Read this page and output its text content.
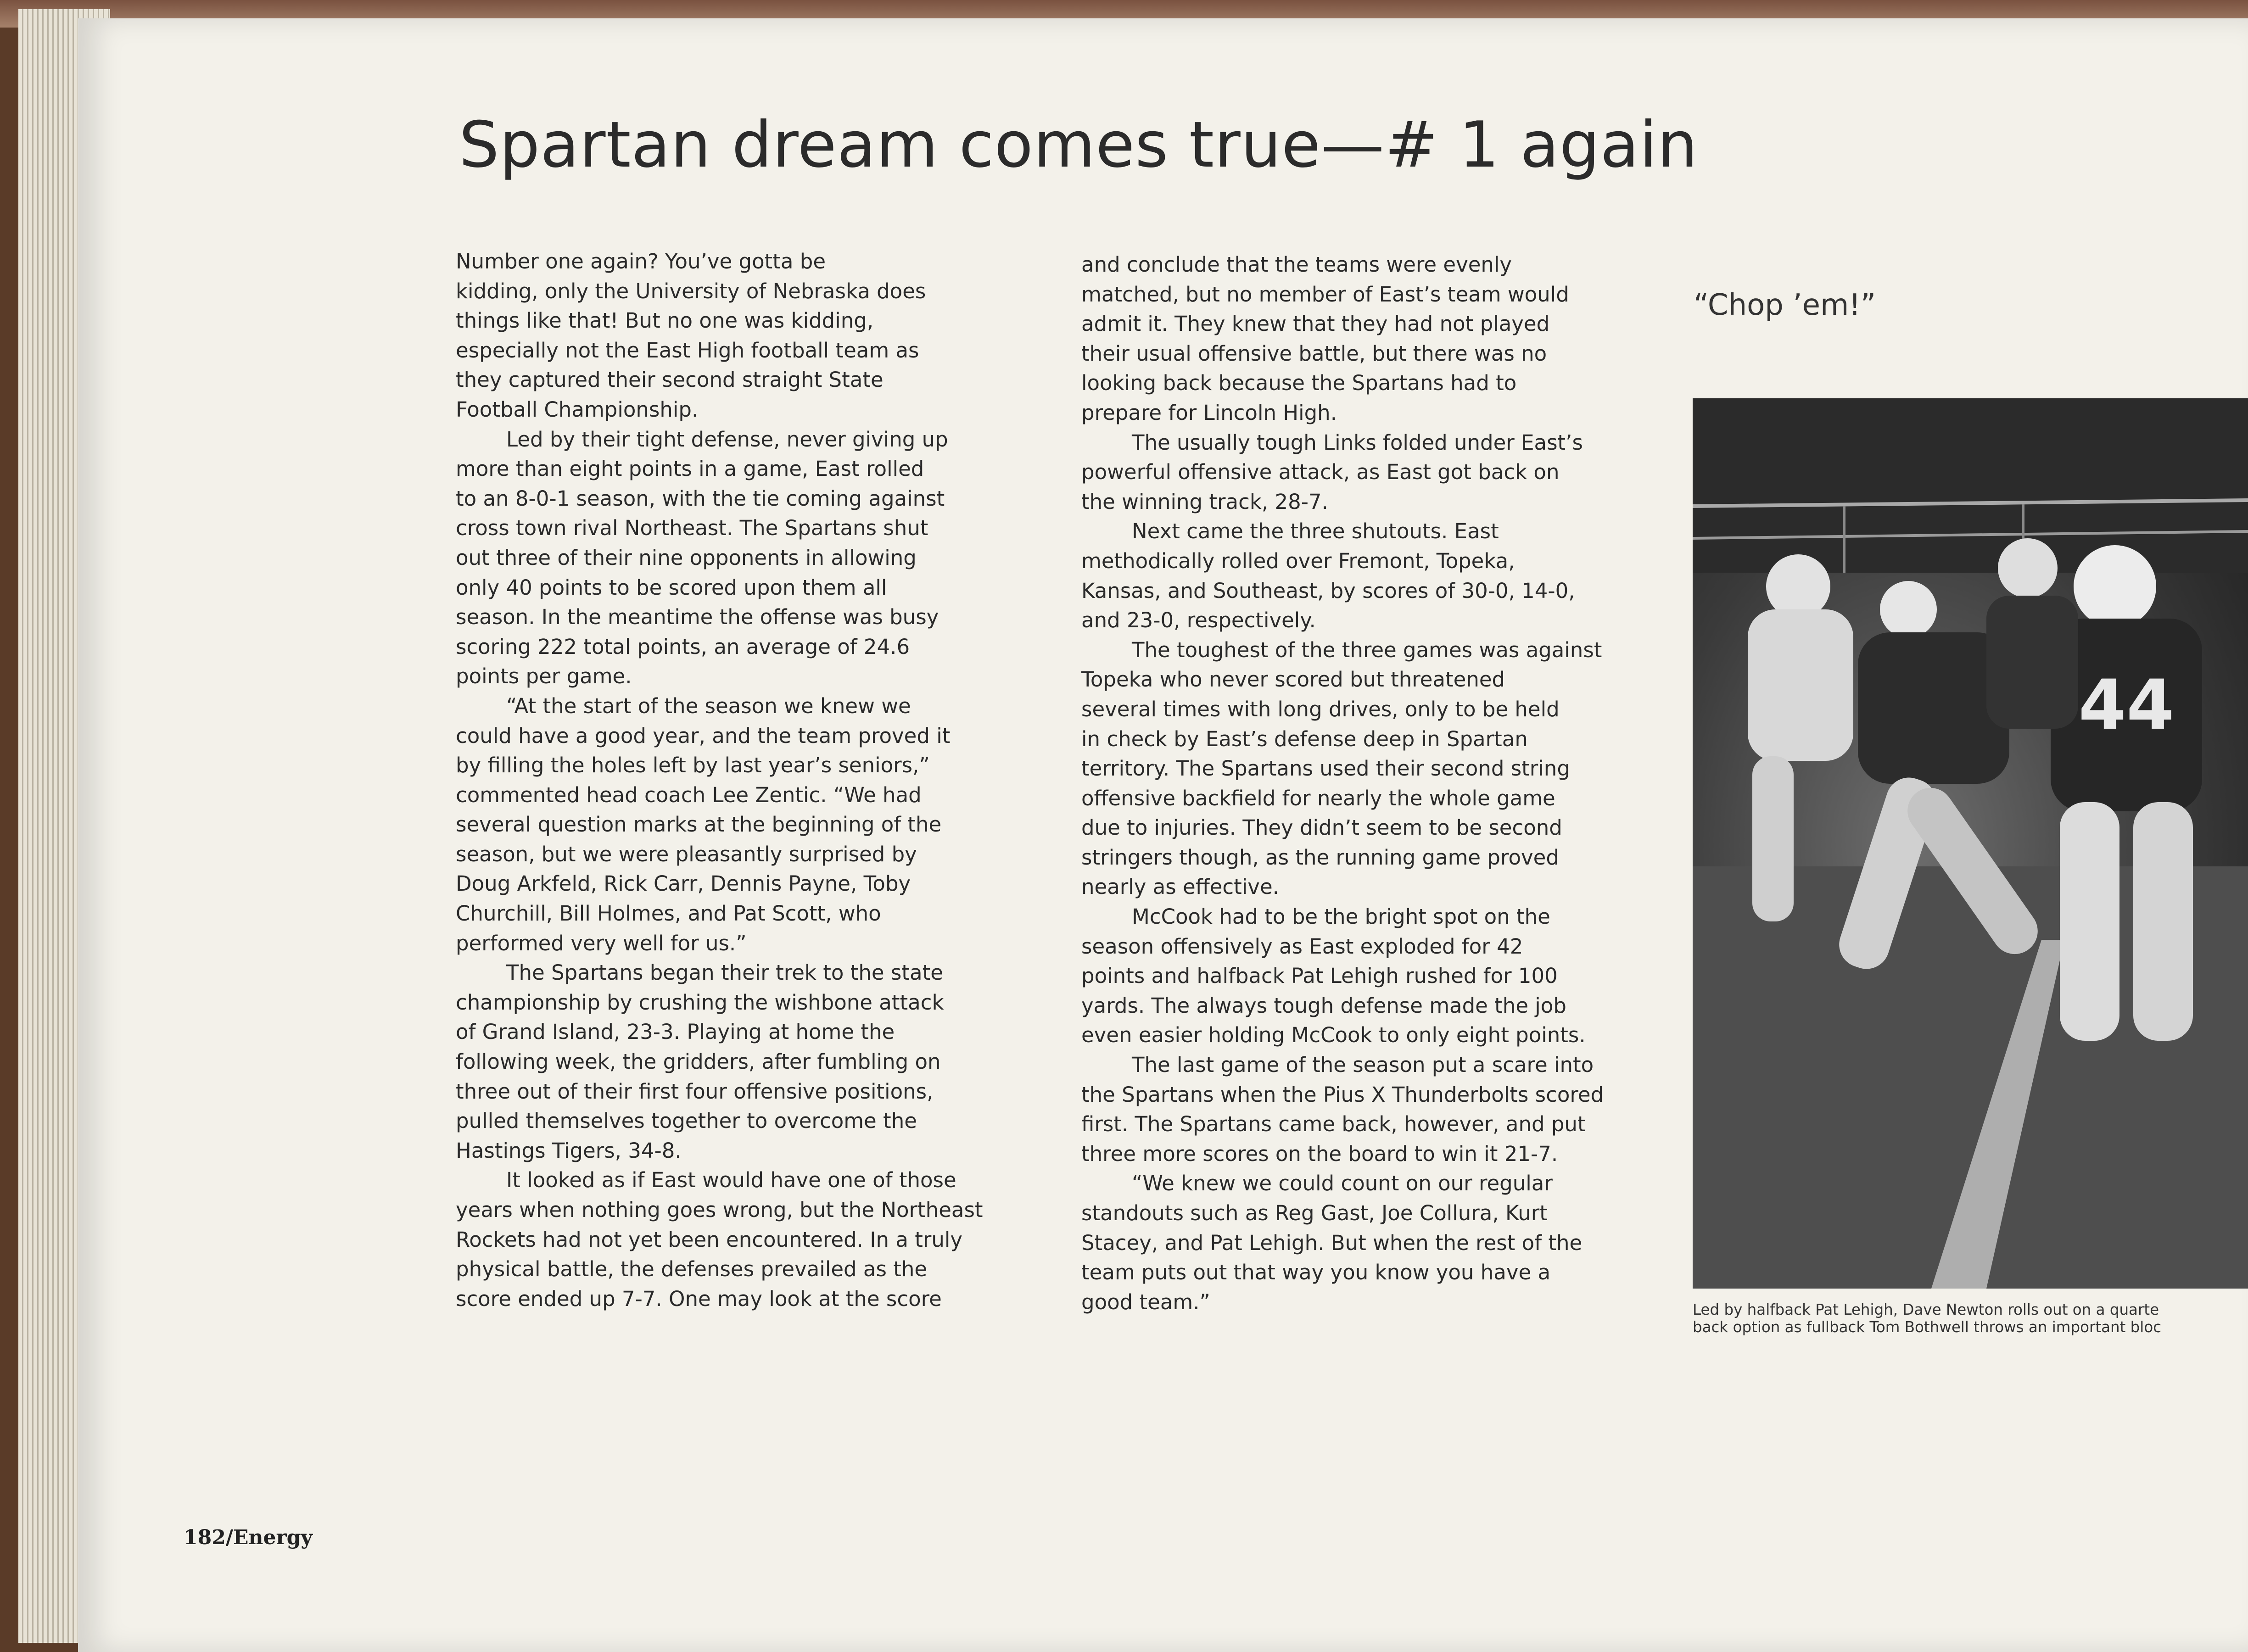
Spartan dream comes true—# 1 again

Number one again? You’ve gotta be

kidding, only the University of Nebraska does

things like that! But no one was kidding,

especially not the East High football team as

they captured their second straight State

Football Championship.

Led by their tight defense, never giving up

more than eight points in a game, East rolled

to an 8-0-1 season, with the tie coming against

cross town rival Northeast. The Spartans shut

out three of their nine opponents in allowing

only 40 points to be scored upon them all

season. In the meantime the offense was busy

scoring 222 total points, an average of 24.6

points per game.

“At the start of the season we knew we

could have a good year, and the team proved it

by filling the holes left by last year’s seniors,”

commented head coach Lee Zentic. “We had

several question marks at the beginning of the

season, but we were pleasantly surprised by

Doug Arkfeld, Rick Carr, Dennis Payne, Toby

Churchill, Bill Holmes, and Pat Scott, who

performed very well for us.”

The Spartans began their trek to the state

championship by crushing the wishbone attack

of Grand Island, 23-3. Playing at home the

following week, the gridders, after fumbling on

three out of their first four offensive positions,

pulled themselves together to overcome the

Hastings Tigers, 34-8.

It looked as if East would have one of those

years when nothing goes wrong, but the Northeast

Rockets had not yet been encountered. In a truly

physical battle, the defenses prevailed as the

score ended up 7-7. One may look at the score

and conclude that the teams were evenly

matched, but no member of East’s team would

admit it. They knew that they had not played

their usual offensive battle, but there was no

looking back because the Spartans had to

prepare for Lincoln High.

The usually tough Links folded under East’s

powerful offensive attack, as East got back on

the winning track, 28-7.

Next came the three shutouts. East

methodically rolled over Fremont, Topeka,

Kansas, and Southeast, by scores of 30-0, 14-0,

and 23-0, respectively.

The toughest of the three games was against

Topeka who never scored but threatened

several times with long drives, only to be held

in check by East’s defense deep in Spartan

territory. The Spartans used their second string

offensive backfield for nearly the whole game

due to injuries. They didn’t seem to be second

stringers though, as the running game proved

nearly as effective.

McCook had to be the bright spot on the

season offensively as East exploded for 42

points and halfback Pat Lehigh rushed for 100

yards. The always tough defense made the job

even easier holding McCook to only eight points.

The last game of the season put a scare into

the Spartans when the Pius X Thunderbolts scored

first. The Spartans came back, however, and put

three more scores on the board to win it 21-7.

“We knew we could count on our regular

standouts such as Reg Gast, Joe Collura, Kurt

Stacey, and Pat Lehigh. But when the rest of the

team puts out that way you know you have a

good team.”

“Chop ’em!”
44
Led by halfback Pat Lehigh, Dave Newton rolls out on a quarte
back option as fullback Tom Bothwell throws an important bloc

182/Energy
